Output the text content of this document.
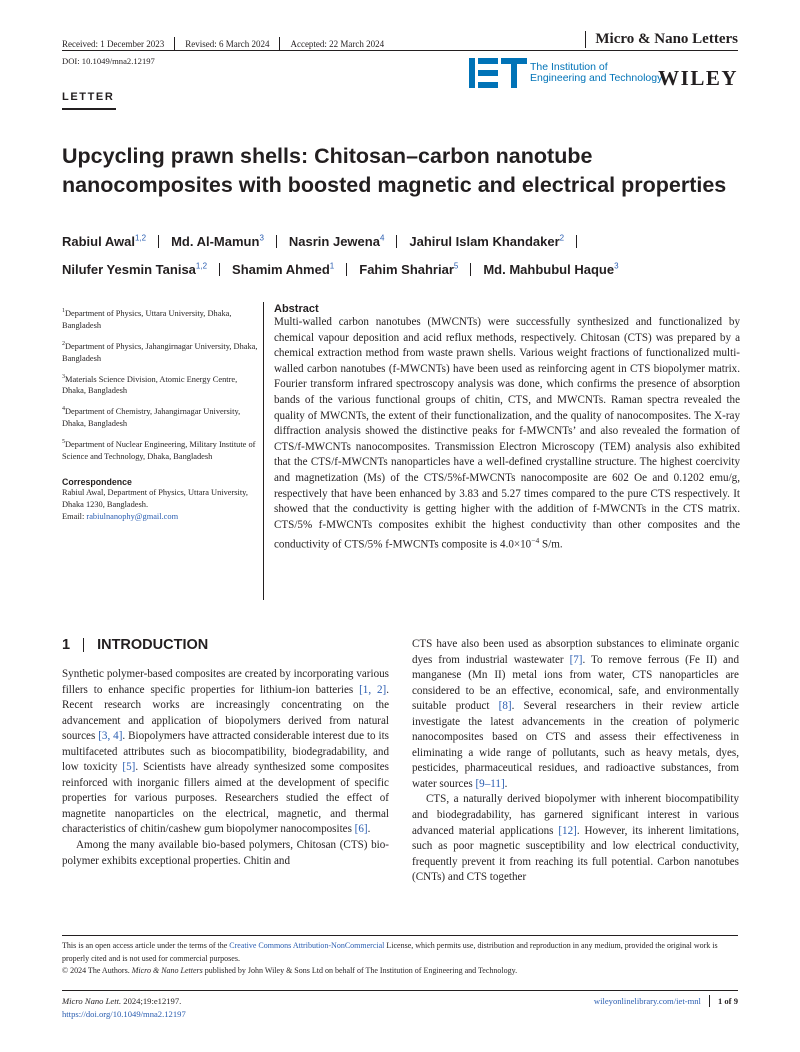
Received: 1 December 2023 Revised: 6 March 2024 Accepted: 22 March 2024	Micro & Nano Letters
DOI: 10.1049/mna2.12197	The Institution of
Engineering and Technology
WILEY
LETTER
Upcycling prawn shells: Chitosan–carbon nanotube
nanocomposites with boosted magnetic and electrical properties
Rabiul Awal$^{1,2}$ Md. Al-Mamun$^3$ Nasrin Jewena$^4$ Jahirul Islam Khandaker$^2$
Nilufer Yesmin Tanisa$^{1,2}$ Shamim Ahmed$^1$ Fahim Shahriar$^5$ Md. Mahbubul Haque$^3$
$^1$Department of Physics, Uttara University, Dhaka, Bangladesh
$^2$Department of Physics, Jahangirnagar University, Dhaka, Bangladesh
$^3$Materials Science Division, Atomic Energy Centre, Dhaka, Bangladesh
$^4$Department of Chemistry, Jahangirnagar University, Dhaka, Bangladesh
$^5$Department of Nuclear Engineering, Military Institute of Science and Technology, Dhaka, Bangladesh
Correspondence
Rabiul Awal, Department of Physics, Uttara University, Dhaka 1230, Bangladesh.
Email: rabiulnanophy@gmail.com
Abstract
Multi-walled carbon nanotubes (MWCNTs) were successfully synthesized and functionalized by chemical vapour deposition and acid reflux methods, respectively. Chitosan (CTS) was prepared by a chemical extraction method from waste prawn shells. Various weight fractions of functionalized multi-walled carbon nanotubes (f-MWCNTs) have been used as reinforcing agent in CTS biopolymer matrix. Fourier transform infrared spectroscopy analysis was done, which confirms the presence of absorption bands of the various functional groups of chitin, CTS, and MWCNTs. Raman spectra revealed the quality of MWCNTs, the extent of their functionalization, and the quality of nanocomposites. The X-ray diffraction analysis showed the distinctive peaks for f-MWCNTs’ and also revealed the formation of CTS/f-MWCNTs nanocomposites. Transmission Electron Microscopy (TEM) analysis also exhibited that the CTS/f-MWCNTs nanoparticles have a well-defined crystalline structure. The highest coercivity and magnetization (Ms) of the CTS/5%f-MWCNTs nanocomposite are 602 Oe and 0.1202 emu/g, respectively that have been enhanced by 3.83 and 5.27 times compared to the pure CTS respectively. It showed that the conductivity is getting higher with the addition of f-MWCNTs in the CTS matrix. CTS/5% f-MWCNTs composites exhibit the highest conductivity than other composites and the conductivity of CTS/5% f-MWCNTs composite is $4.0\times 10^{-4}$ S/m.
1 INTRODUCTION

Synthetic polymer-based composites are created by incorporating various fillers to enhance specific properties for lithium-ion batteries [1, 2]. Recent research works are increasingly concentrating on the advancement and application of biopolymers derived from natural sources [3, 4]. Biopolymers have attracted considerable interest due to its multifaceted attributes such as biocompatibility, biodegradability, and low toxicity [5]. Scientists have already synthesized some composites reinforced with inorganic fillers aimed at the development of specific properties for various purposes. Researchers studied the effect of magnetite nanoparticles on the electrical, magnetic, and thermal characteristics of chitin/cashew gum biopolymer nanocomposites [6].

Among the many available bio-based polymers, Chitosan (CTS) bio-polymer exhibits exceptional properties. Chitin and

CTS have also been used as absorption substances to eliminate organic dyes from industrial wastewater [7]. To remove ferrous (Fe II) and manganese (Mn II) metal ions from water, CTS nanoparticles are considered to be an effective, economical, safe, and environmentally suitable product [8]. Several researchers in their review article investigate the latest advancements in the creation of polymeric nanocomposites based on CTS and assess their effectiveness in eliminating a wide range of pollutants, such as heavy metals, dyes, pesticides, pharmaceutical residues, and radioactive substances, from water sources [9–11].

CTS, a naturally derived biopolymer with inherent biocompatibility and biodegradability, has garnered significant interest in various advanced material applications [12]. However, its inherent limitations, such as poor magnetic susceptibility and low electrical conductivity, frequently prevent it from reaching its full potential. Carbon nanotubes (CNTs) and CTS together

This is an open access article under the terms of the Creative Commons Attribution-NonCommercial License, which permits use, distribution and reproduction in any medium, provided the original work is properly cited and is not used for commercial purposes.
© 2024 The Authors. Micro & Nano Letters published by John Wiley & Sons Ltd on behalf of The Institution of Engineering and Technology.
Micro Nano Lett. 2024;19:e12197.
https://doi.org/10.1049/mna2.12197
wileyonlinelibrary.com/iet-mnl 1 of 9
